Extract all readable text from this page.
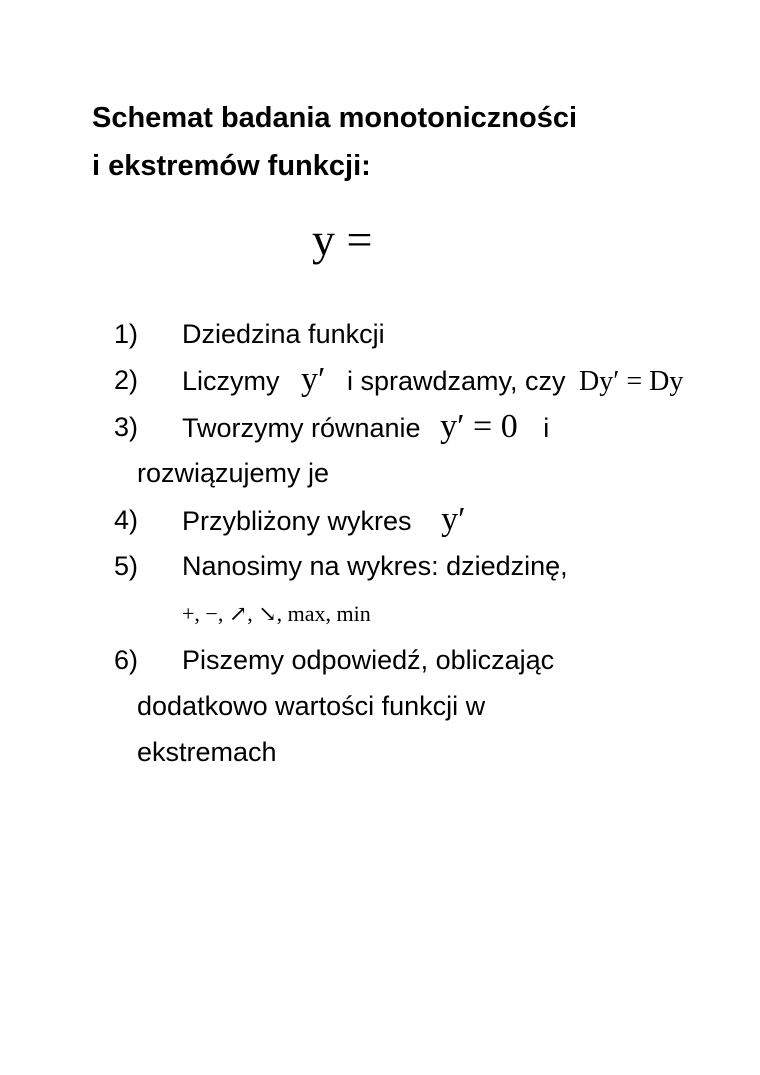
Schemat badania monotoniczności
i ekstremów funkcji:
y =
1) Dziedzina funkcji
2) Liczymy y′ i sprawdzamy, czy Dy′ = Dy
3) Tworzymy równanie y′ = 0 i
rozwiązujemy je
4) Przybliżony wykres y′
5) Nanosimy na wykres: dziedzinę,
+, −, ↗, ↘, max, min
6) Piszemy odpowiedź, obliczając
dodatkowo wartości funkcji w
ekstremach
